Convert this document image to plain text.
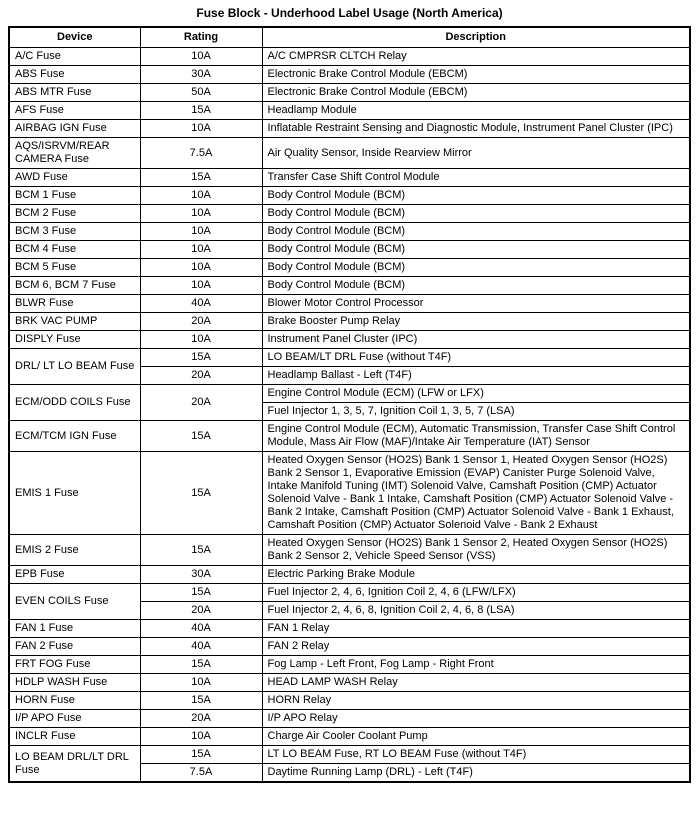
Fuse Block - Underhood Label Usage (North America)
Device	Rating	Description
A/C Fuse	10A	A/C CMPRSR CLTCH Relay
ABS Fuse	30A	Electronic Brake Control Module (EBCM)
ABS MTR Fuse	50A	Electronic Brake Control Module (EBCM)
AFS Fuse	15A	Headlamp Module
AIRBAG IGN Fuse	10A	Inflatable Restraint Sensing and Diagnostic Module, Instrument Panel Cluster (IPC)
AQS/ISRVM/REAR CAMERA Fuse	7.5A	Air Quality Sensor, Inside Rearview Mirror
AWD Fuse	15A	Transfer Case Shift Control Module
BCM 1 Fuse	10A	Body Control Module (BCM)
BCM 2 Fuse	10A	Body Control Module (BCM)
BCM 3 Fuse	10A	Body Control Module (BCM)
BCM 4 Fuse	10A	Body Control Module (BCM)
BCM 5 Fuse	10A	Body Control Module (BCM)
BCM 6, BCM 7 Fuse	10A	Body Control Module (BCM)
BLWR Fuse	40A	Blower Motor Control Processor
BRK VAC PUMP	20A	Brake Booster Pump Relay
DISPLY Fuse	10A	Instrument Panel Cluster (IPC)
DRL/ LT LO BEAM Fuse	15A	LO BEAM/LT DRL Fuse (without T4F)
	20A	Headlamp Ballast - Left (T4F)
ECM/ODD COILS Fuse	20A	Engine Control Module (ECM) (LFW or LFX)
		Fuel Injector 1, 3, 5, 7, Ignition Coil 1, 3, 5, 7 (LSA)
ECM/TCM IGN Fuse	15A	Engine Control Module (ECM), Automatic Transmission, Transfer Case Shift Control Module, Mass Air Flow (MAF)/Intake Air Temperature (IAT) Sensor
EMIS 1 Fuse	15A	Heated Oxygen Sensor (HO2S) Bank 1 Sensor 1, Heated Oxygen Sensor (HO2S) Bank 2 Sensor 1, Evaporative Emission (EVAP) Canister Purge Solenoid Valve, Intake Manifold Tuning (IMT) Solenoid Valve, Camshaft Position (CMP) Actuator Solenoid Valve - Bank 1 Intake, Camshaft Position (CMP) Actuator Solenoid Valve - Bank 2 Intake, Camshaft Position (CMP) Actuator Solenoid Valve - Bank 1 Exhaust, Camshaft Position (CMP) Actuator Solenoid Valve - Bank 2 Exhaust
EMIS 2 Fuse	15A	Heated Oxygen Sensor (HO2S) Bank 1 Sensor 2, Heated Oxygen Sensor (HO2S) Bank 2 Sensor 2, Vehicle Speed Sensor (VSS)
EPB Fuse	30A	Electric Parking Brake Module
EVEN COILS Fuse	15A	Fuel Injector 2, 4, 6, Ignition Coil 2, 4, 6 (LFW/LFX)
	20A	Fuel Injector 2, 4, 6, 8, Ignition Coil 2, 4, 6, 8 (LSA)
FAN 1 Fuse	40A	FAN 1 Relay
FAN 2 Fuse	40A	FAN 2 Relay
FRT FOG Fuse	15A	Fog Lamp - Left Front, Fog Lamp - Right Front
HDLP WASH Fuse	10A	HEAD LAMP WASH Relay
HORN Fuse	15A	HORN Relay
I/P APO Fuse	20A	I/P APO Relay
INCLR Fuse	10A	Charge Air Cooler Coolant Pump
LO BEAM DRL/LT DRL Fuse	15A	LT LO BEAM Fuse, RT LO BEAM Fuse (without T4F)
	7.5A	Daytime Running Lamp (DRL) - Left (T4F)
